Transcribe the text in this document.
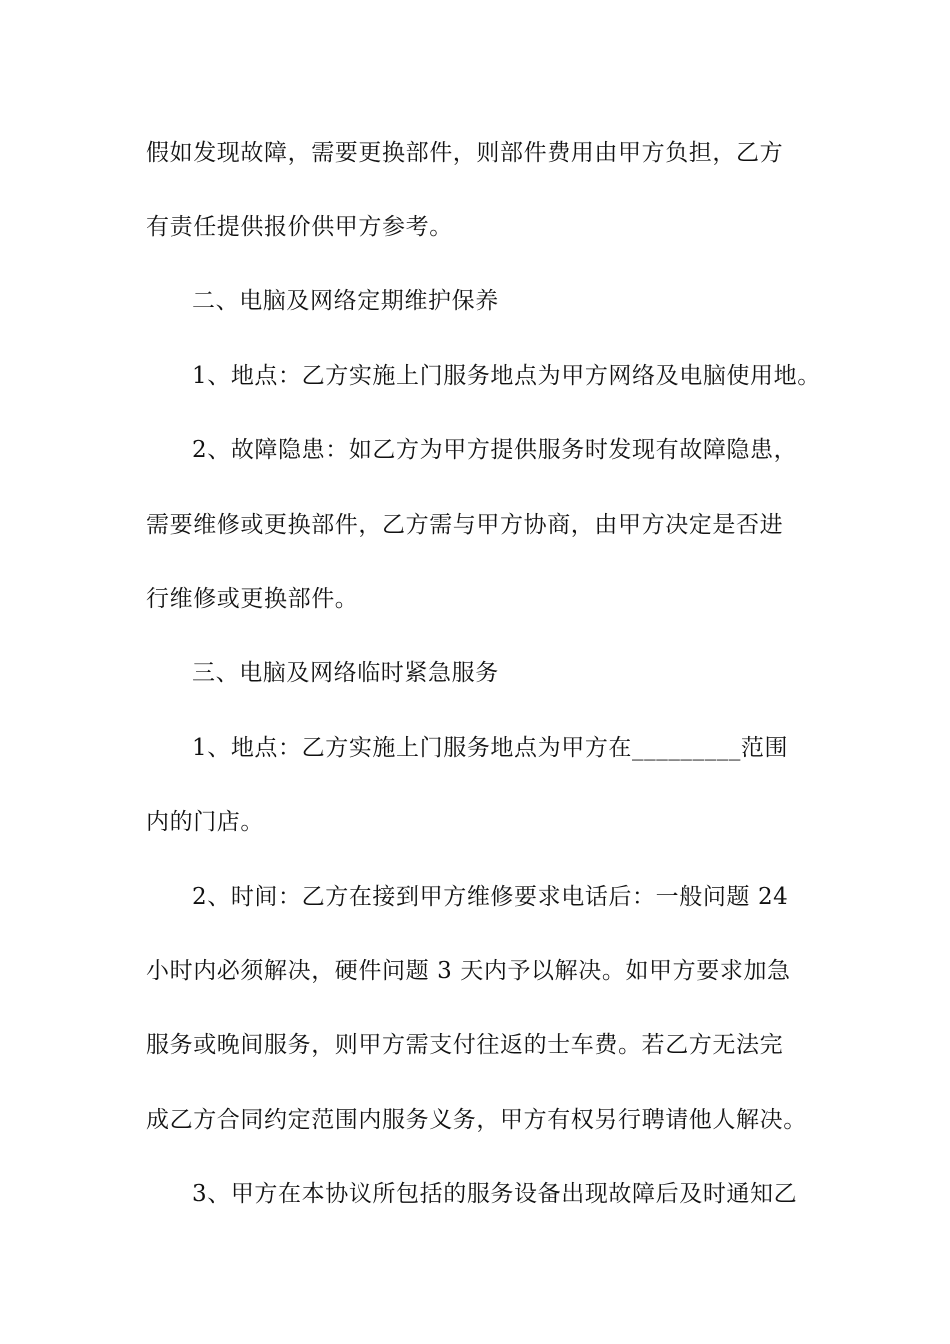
假如发现故障，需要更换部件，则部件费用由甲方负担，乙方
有责任提供报价供甲方参考。
二、电脑及网络定期维护保养
1、地点：乙方实施上门服务地点为甲方网络及电脑使用地。
2、故障隐患：如乙方为甲方提供服务时发现有故障隐患，
需要维修或更换部件，乙方需与甲方协商，由甲方决定是否进
行维修或更换部件。
三、电脑及网络临时紧急服务
1、地点：乙方实施上门服务地点为甲方在_________范围
内的门店。
2、时间：乙方在接到甲方维修要求电话后：一般问题 24
小时内必须解决，硬件问题 3 天内予以解决。如甲方要求加急
服务或晚间服务，则甲方需支付往返的士车费。若乙方无法完
成乙方合同约定范围内服务义务，甲方有权另行聘请他人解决。
3、甲方在本协议所包括的服务设备出现故障后及时通知乙
